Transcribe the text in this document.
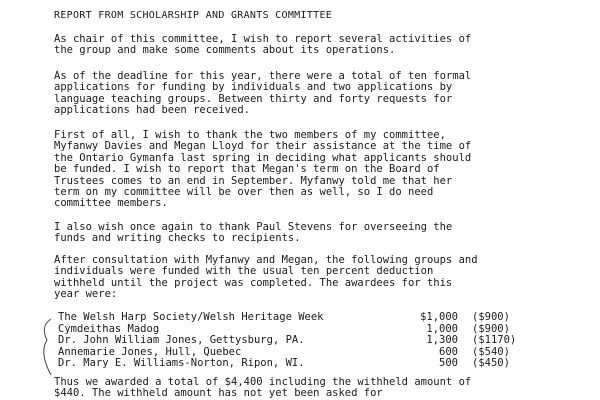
REPORT FROM SCHOLARSHIP AND GRANTS COMMITTEE
As chair of this committee, I wish to report several activities of
the group and make some comments about its operations.
As of the deadline for this year, there were a total of ten formal
applications for funding by individuals and two applications by
language teaching groups. Between thirty and forty requests for
applications had been received.
First of all, I wish to thank the two members of my committee,
Myfanwy Davies and Megan Lloyd for their assistance at the time of
the Ontario Gymanfa last spring in deciding what applicants should
be funded. I wish to report that Megan's term on the Board of
Trustees comes to an end in September. Myfanwy told me that her
term on my committee will be over then as well, so I do need
committee members.
I also wish once again to thank Paul Stevens for overseeing the
funds and writing checks to recipients.
After consultation with Myfanwy and Megan, the following groups and
individuals were funded with the usual ten percent deduction
withheld until the project was completed. The awardees for this
year were:
The Welsh Harp Society/Welsh Heritage Week	$1,000 ($900)
Cymdeithas Madog	1,000 ($900)
Dr. John William Jones, Gettysburg, PA.	1,300 ($1170)
Annemarie Jones, Hull, Quebec	600 ($540)
Dr. Mary E. Williams-Norton, Ripon, WI.	500 ($450)
Thus we awarded a total of $4,400 including the withheld amount of
$440. The withheld amount has not yet been asked for
